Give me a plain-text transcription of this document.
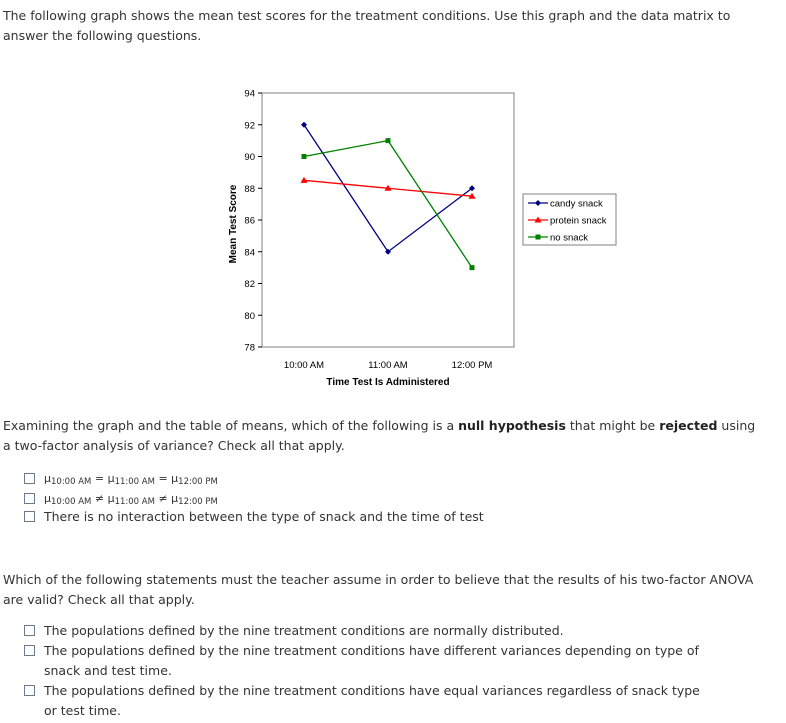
The following graph shows the mean test scores for the treatment conditions. Use this graph and the data matrix to answer the following questions.

78
80
82
84
86
88
90
92
94
10:00 AM	11:00 AM	12:00 PM
Mean Test Score
Time Test Is Administered
candy snack
protein snack
no snack

Examining the graph and the table of means, which of the following is a null hypothesis that might be rejected using a two-factor analysis of variance? Check all that apply.

$\mu_{10:00 AM} = \mu_{11:00 AM} = \mu_{12:00 PM}$
$\mu_{10:00 AM} \ne \mu_{11:00 AM} \ne \mu_{12:00 PM}$
There is no interaction between the type of snack and the time of test

Which of the following statements must the teacher assume in order to believe that the results of his two-factor ANOVA are valid? Check all that apply.

The populations defined by the nine treatment conditions are normally distributed.
The populations defined by the nine treatment conditions have different variances depending on type of snack and test time.
The populations defined by the nine treatment conditions have equal variances regardless of snack type or test time.
